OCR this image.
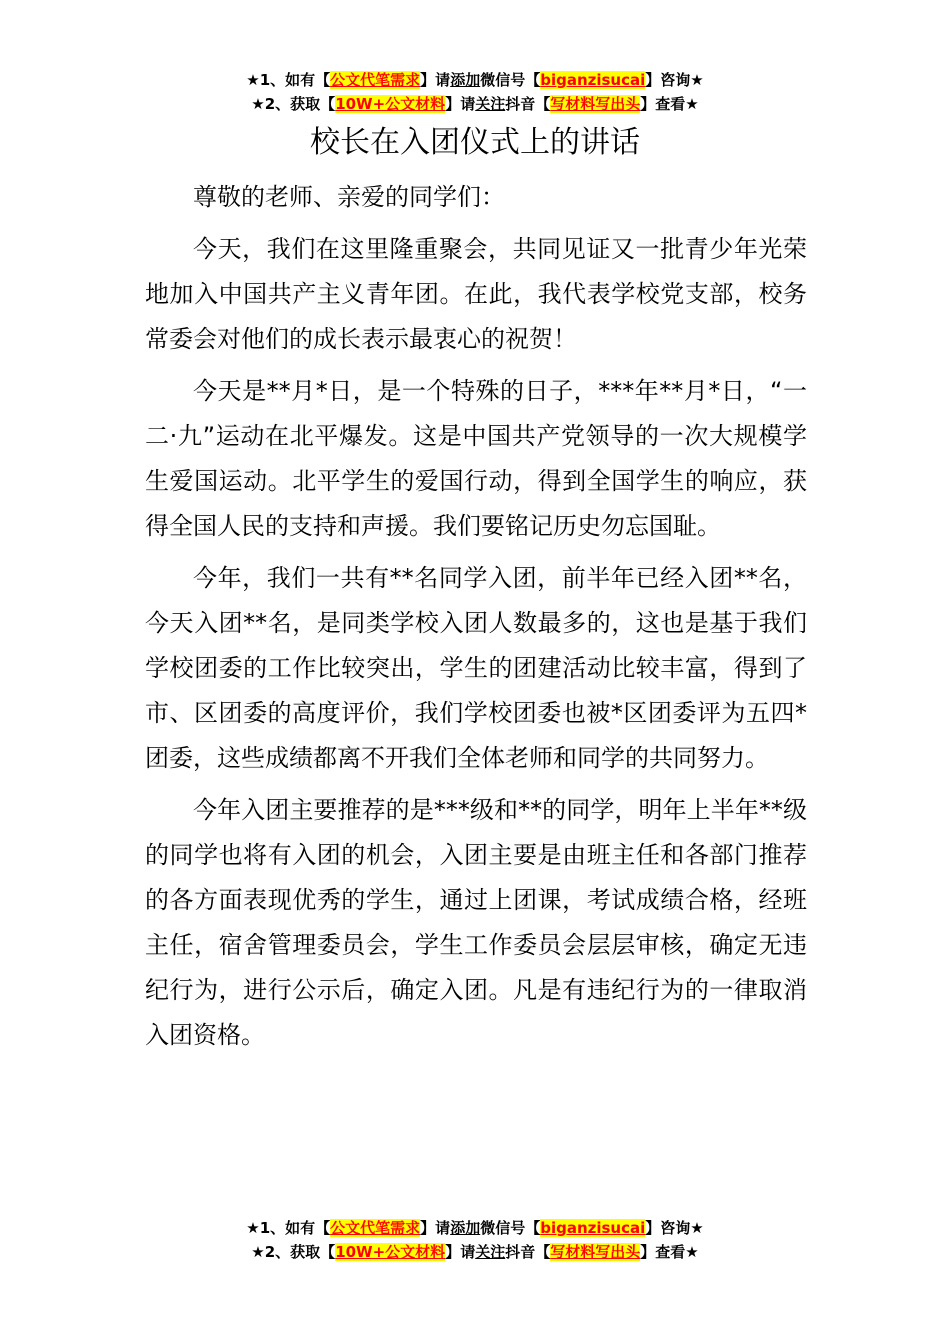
★1、如有【公文代笔需求】请添加微信号【biganzisucai】咨询★
★2、获取【10W+公文材料】请关注抖音【写材料写出头】查看★
校长在入团仪式上的讲话

尊敬的老师、亲爱的同学们：

今天，我们在这里隆重聚会，共同见证又一批青少年光荣地加入中国共产主义青年团。在此，我代表学校党支部，校务常委会对他们的成长表示最衷心的祝贺！

今天是**月*日，是一个特殊的日子，***年**月*日，“一二·九”运动在北平爆发。这是中国共产党领导的一次大规模学生爱国运动。北平学生的爱国行动，得到全国学生的响应，获得全国人民的支持和声援。我们要铭记历史勿忘国耻。

今年，我们一共有**名同学入团，前半年已经入团**名，今天入团**名，是同类学校入团人数最多的，这也是基于我们学校团委的工作比较突出，学生的团建活动比较丰富，得到了市、区团委的高度评价，我们学校团委也被*区团委评为五四*团委，这些成绩都离不开我们全体老师和同学的共同努力。

今年入团主要推荐的是***级和**的同学，明年上半年**级的同学也将有入团的机会，入团主要是由班主任和各部门推荐的各方面表现优秀的学生，通过上团课，考试成绩合格，经班主任，宿舍管理委员会，学生工作委员会层层审核，确定无违纪行为，进行公示后，确定入团。凡是有违纪行为的一律取消入团资格。

★1、如有【公文代笔需求】请添加微信号【biganzisucai】咨询★
★2、获取【10W+公文材料】请关注抖音【写材料写出头】查看★
